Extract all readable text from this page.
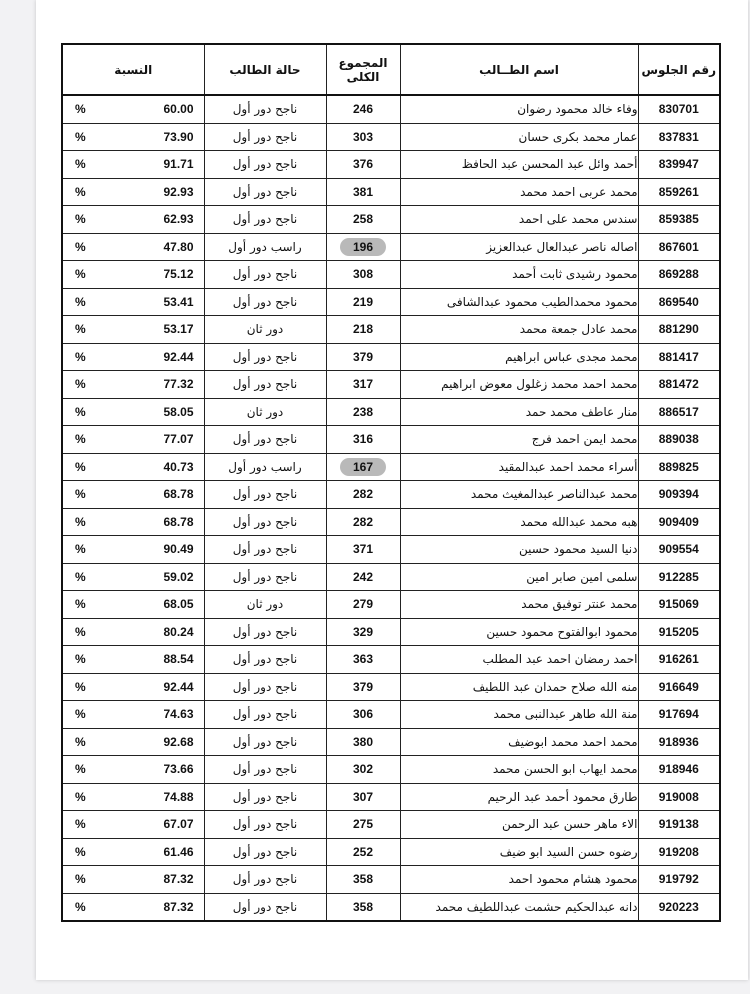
رقم الجلوس	اسم الطــالب	المجموع
الكلى	حالة الطالب	النسبة
830701	وفاء خالد محمود رضوان	246	ناجح دور أول	60.00
%

837831	عمار محمد بكرى حسان	303	ناجح دور أول	73.90
%

839947	أحمد وائل عبد المحسن عبد الحافظ	376	ناجح دور أول	91.71
%

859261	محمد عربى احمد محمد	381	ناجح دور أول	92.93
%

859385	سندس محمد على احمد	258	ناجح دور أول	62.93
%

867601	اصاله ناصر عبدالعال عبدالعزيز	196	راسب دور أول	47.80
%

869288	محمود رشيدى ثابت أحمد	308	ناجح دور أول	75.12
%

869540	محمود محمدالطيب محمود عبدالشافى	219	ناجح دور أول	53.41
%

881290	محمد عادل جمعة محمد	218	دور ثان	53.17
%

881417	محمد مجدى عباس ابراهيم	379	ناجح دور أول	92.44
%

881472	محمد احمد محمد زغلول معوض ابراهيم	317	ناجح دور أول	77.32
%

886517	منار عاطف محمد حمد	238	دور ثان	58.05
%

889038	محمد ايمن احمد فرج	316	ناجح دور أول	77.07
%

889825	أسراء محمد احمد عبدالمقيد	167	راسب دور أول	40.73
%

909394	محمد عبدالناصر عبدالمغيث محمد	282	ناجح دور أول	68.78
%

909409	هبه محمد عبدالله محمد	282	ناجح دور أول	68.78
%

909554	دنيا السيد محمود حسين	371	ناجح دور أول	90.49
%

912285	سلمى امين صابر امين	242	ناجح دور أول	59.02
%

915069	محمد عنتر توفيق محمد	279	دور ثان	68.05
%

915205	محمود ابوالفتوح محمود حسين	329	ناجح دور أول	80.24
%

916261	احمد رمضان احمد عبد المطلب	363	ناجح دور أول	88.54
%

916649	منه الله صلاح حمدان عبد اللطيف	379	ناجح دور أول	92.44
%

917694	منة الله طاهر عبدالنبى محمد	306	ناجح دور أول	74.63
%

918936	محمد احمد محمد ابوضيف	380	ناجح دور أول	92.68
%

918946	محمد ايهاب ابو الحسن محمد	302	ناجح دور أول	73.66
%

919008	طارق محمود أحمد عبد الرحيم	307	ناجح دور أول	74.88
%

919138	الاء ماهر حسن عبد الرحمن	275	ناجح دور أول	67.07
%

919208	رضوه حسن السيد ابو ضيف	252	ناجح دور أول	61.46
%

919792	محمود هشام محمود احمد	358	ناجح دور أول	87.32
%

920223	دانه عبدالحكيم حشمت عبداللطيف محمد	358	ناجح دور أول	87.32
%
